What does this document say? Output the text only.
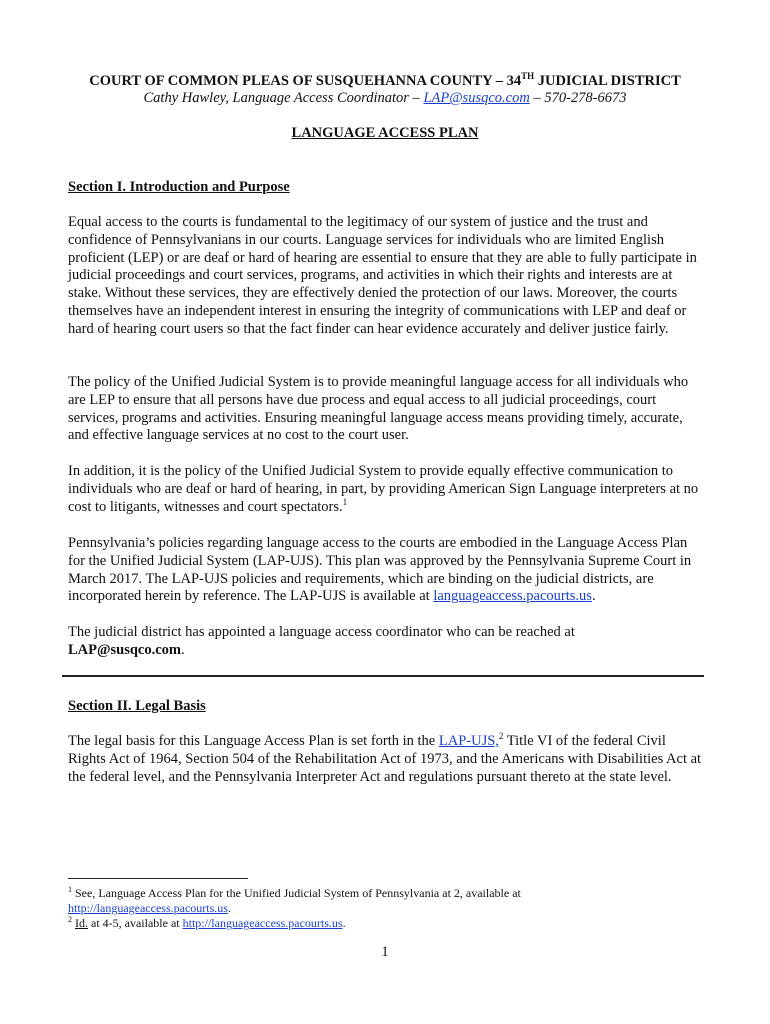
COURT OF COMMON PLEAS OF SUSQUEHANNA COUNTY – 34TH JUDICIAL DISTRICT
Cathy Hawley, Language Access Coordinator – LAP@susqco.com – 570-278-6673
LANGUAGE ACCESS PLAN
Section I. Introduction and Purpose
Equal access to the courts is fundamental to the legitimacy of our system of justice and the trust and confidence of Pennsylvanians in our courts. Language services for individuals who are limited English proficient (LEP) or are deaf or hard of hearing are essential to ensure that they are able to fully participate in judicial proceedings and court services, programs, and activities in which their rights and interests are at stake. Without these services, they are effectively denied the protection of our laws. Moreover, the courts themselves have an independent interest in ensuring the integrity of communications with LEP and deaf or hard of hearing court users so that the fact finder can hear evidence accurately and deliver justice fairly.
The policy of the Unified Judicial System is to provide meaningful language access for all individuals who are LEP to ensure that all persons have due process and equal access to all judicial proceedings, court services, programs and activities. Ensuring meaningful language access means providing timely, accurate, and effective language services at no cost to the court user.
In addition, it is the policy of the Unified Judicial System to provide equally effective communication to individuals who are deaf or hard of hearing, in part, by providing American Sign Language interpreters at no cost to litigants, witnesses and court spectators.$^1$
Pennsylvania’s policies regarding language access to the courts are embodied in the Language Access Plan for the Unified Judicial System (LAP-UJS). This plan was approved by the Pennsylvania Supreme Court in March 2017. The LAP-UJS policies and requirements, which are binding on the judicial districts, are incorporated herein by reference. The LAP-UJS is available at languageaccess.pacourts.us.
The judicial district has appointed a language access coordinator who can be reached at
LAP@susqco.com.
Section II. Legal Basis
The legal basis for this Language Access Plan is set forth in the LAP-UJS,$^2$ Title VI of the federal Civil Rights Act of 1964, Section 504 of the Rehabilitation Act of 1973, and the Americans with Disabilities Act at the federal level, and the Pennsylvania Interpreter Act and regulations pursuant thereto at the state level.
$^1$ See, Language Access Plan for the Unified Judicial System of Pennsylvania at 2, available at
http://languageaccess.pacourts.us.
$^2$ Id. at 4-5, available at http://languageaccess.pacourts.us.
1
